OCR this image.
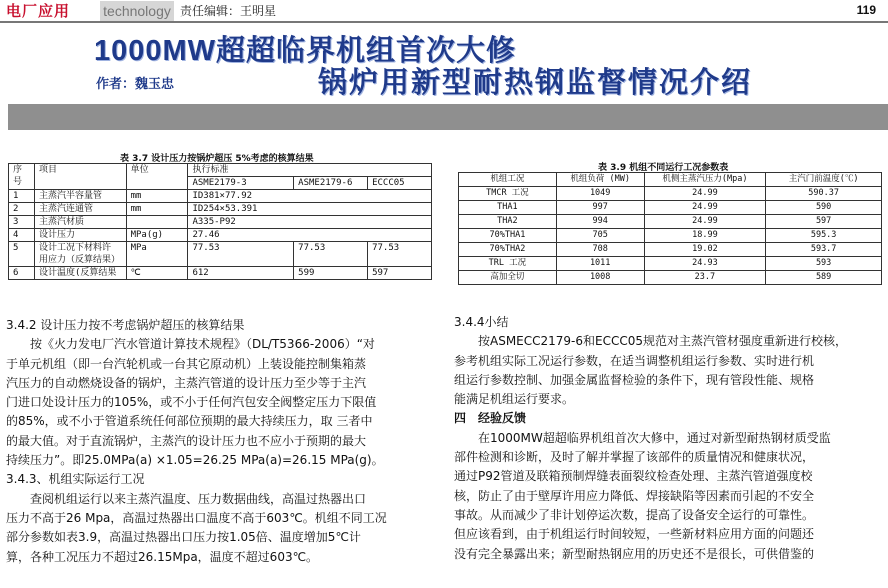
电厂应用 technology 责任编辑：王明星	119
1000MW超超临界机组首次大修
锅炉用新型耐热钢监督情况介绍
作者：魏玉忠
表 3.7 设计压力按锅炉超压 5%考虑的核算结果
序号	项目	单位	执行标准		
			ASME2179-3	ASME2179-6	ECCC05
1	主蒸汽半容量管	mm	ID381×77.92		
2	主蒸汽连通管	mm	ID254×53.391		
3	主蒸汽材质		A335-P92		
4	设计压力	MPa(g)	27.46		
5	设计工况下材料许
用应力（反算结果）	MPa	77.53	77.53	77.53
6	设计温度(反算结果	℃	612	599	597
表 3.9 机组不同运行工况参数表
机组工况	机组负荷 (MW)	机侧主蒸汽压力(Mpa)	主汽门前温度(℃)
TMCR 工况	1049	24.99	590.37
THA1	997	24.99	590
THA2	994	24.99	597
70%THA1	705	18.99	595.3
70%THA2	708	19.02	593.7
TRL 工况	1011	24.93	593
高加全切	1008	23.7	589
3.4.2 设计压力按不考虑锅炉超压的核算结果
　　按《火力发电厂汽水管道计算技术规程》（DL/T5366-2006）“对
于单元机组（即一台汽轮机或一台其它原动机）上装设能控制集箱蒸
汽压力的自动燃烧设备的锅炉，主蒸汽管道的设计压力至少等于主汽
门进口处设计压力的105%，或不小于任何汽包安全阀整定压力下限值
的85%，或不小于管道系统任何部位预期的最大持续压力，取 三者中
的最大值。对于直流锅炉，主蒸汽的设计压力也不应小于预期的最大
持续压力”。即25.0MPa(a) ×1.05=26.25 MPa(a)=26.15 MPa(g)。
3.4.3、机组实际运行工况
　　查阅机组运行以来主蒸汽温度、压力数据曲线，高温过热器出口
压力不高于26 Mpa，高温过热器出口温度不高于603℃。机组不同工况
部分参数如表3.9，高温过热器出口压力按1.05倍、温度增加5℃计
算，各种工况压力不超过26.15Mpa，温度不超过603℃。
3.4.4小结
　　按ASMECC2179-6和ECCC05规范对主蒸汽管材强度重新进行校核，
参考机组实际工况运行参数，在适当调整机组运行参数、实时进行机
组运行参数控制、加强金属监督检验的条件下，现有管段性能、规格
能满足机组运行要求。
四　经验反馈
　　在1000MW超超临界机组首次大修中，通过对新型耐热钢材质受监
部件检测和诊断，及时了解并掌握了该部件的质量情况和健康状况，
通过P92管道及联箱预制焊缝表面裂纹检查处理、主蒸汽管道强度校
核，防止了由于壁厚许用应力降低、焊接缺陷等因素而引起的不安全
事故。从而减少了非计划停运次数，提高了设备安全运行的可靠性。
但应该看到，由于机组运行时间较短，一些新材料应用方面的问题还
没有完全暴露出来；新型耐热钢应用的历史还不是很长，可供借鉴的
